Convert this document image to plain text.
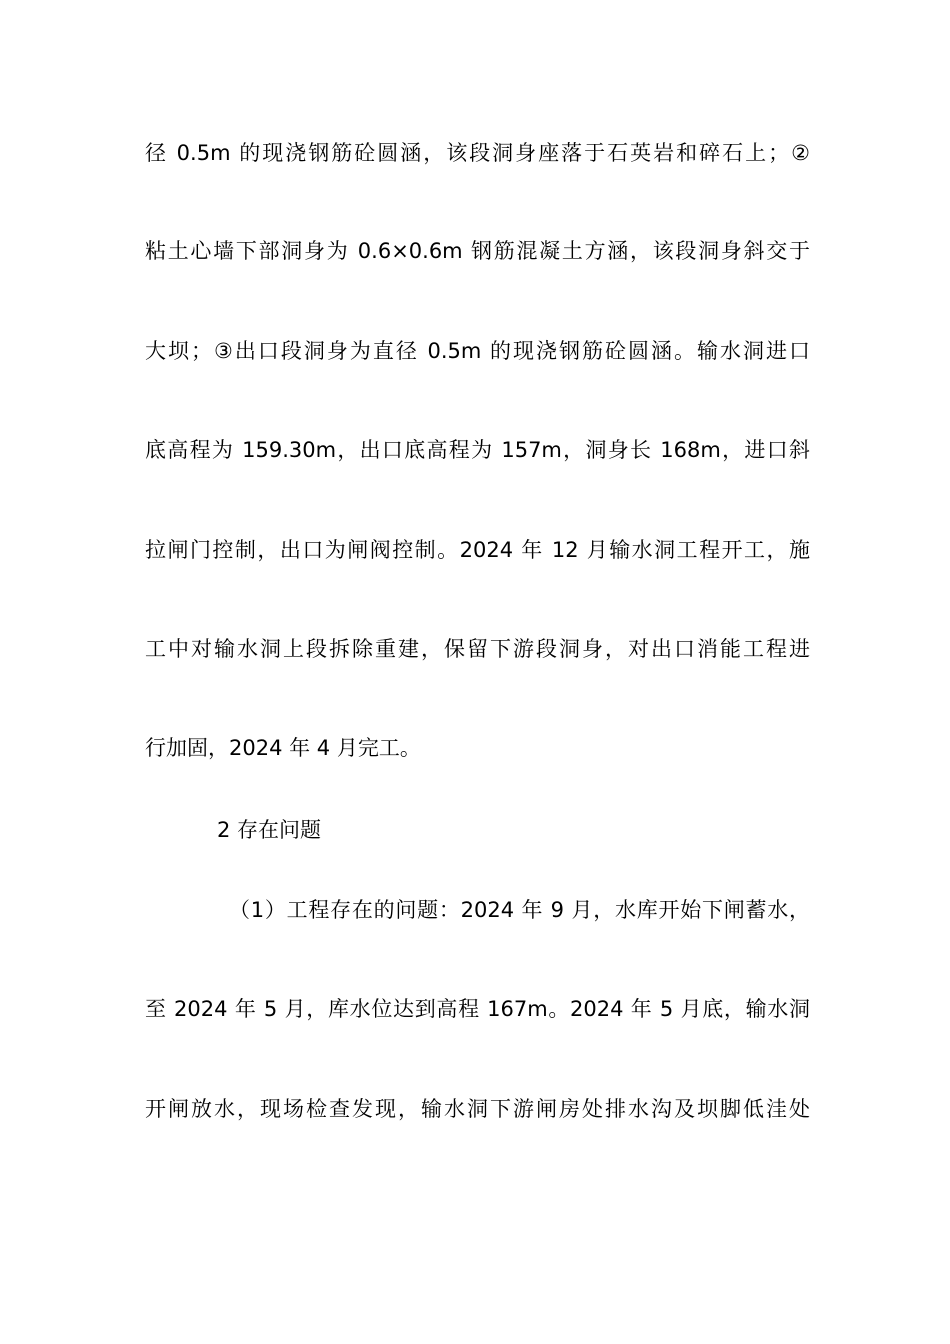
径 0.5m 的现浇钢筋砼圆涵，该段洞身座落于石英岩和碎石上；②
粘土心墙下部洞身为 0.6×0.6m 钢筋混凝土方涵，该段洞身斜交于
大坝；③出口段洞身为直径 0.5m 的现浇钢筋砼圆涵。输水洞进口
底高程为 159.30m，出口底高程为 157m，洞身长 168m，进口斜
拉闸门控制，出口为闸阀控制。2024 年 12 月输水洞工程开工，施
工中对输水洞上段拆除重建，保留下游段洞身，对出口消能工程进
行加固，2024 年 4 月完工。
2 存在问题
（1）工程存在的问题：2024 年 9 月，水库开始下闸蓄水，
至 2024 年 5 月，库水位达到高程 167m。2024 年 5 月底，输水洞
开闸放水，现场检查发现，输水洞下游闸房处排水沟及坝脚低洼处
